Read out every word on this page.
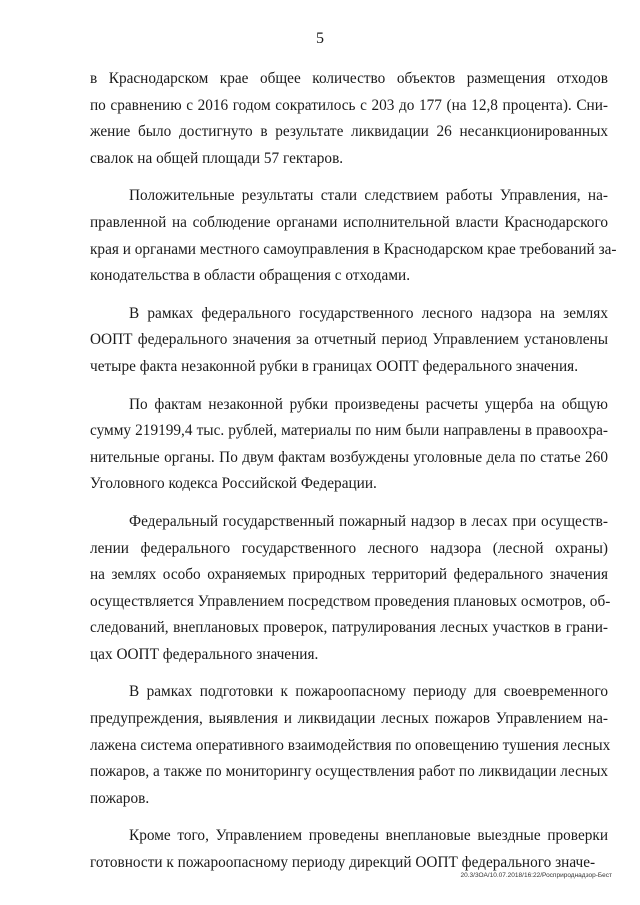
5
в Краснодарском крае общее количество объектов размещения отходов
по сравнению с 2016 годом сократилось с 203 до 177 (на 12,8 процента). Сни-
жение было достигнуто в результате ликвидации 26 несанкционированных
свалок на общей площади 57 гектаров.
Положительные результаты стали следствием работы Управления, на-
правленной на соблюдение органами исполнительной власти Краснодарского
края и органами местного самоуправления в Краснодарском крае требований за-
конодательства в области обращения с отходами.
В рамках федерального государственного лесного надзора на землях
ООПТ федерального значения за отчетный период Управлением установлены
четыре факта незаконной рубки в границах ООПТ федерального значения.
По фактам незаконной рубки произведены расчеты ущерба на общую
сумму 219199,4 тыс. рублей, материалы по ним были направлены в правоохра-
нительные органы. По двум фактам возбуждены уголовные дела по статье 260
Уголовного кодекса Российской Федерации.
Федеральный государственный пожарный надзор в лесах при осуществ-
лении федерального государственного лесного надзора (лесной охраны)
на землях особо охраняемых природных территорий федерального значения
осуществляется Управлением посредством проведения плановых осмотров, об-
следований, внеплановых проверок, патрулирования лесных участков в грани-
цах ООПТ федерального значения.
В рамках подготовки к пожароопасному периоду для своевременного
предупреждения, выявления и ликвидации лесных пожаров Управлением на-
лажена система оперативного взаимодействия по оповещению тушения лесных
пожаров, а также по мониторингу осуществления работ по ликвидации лесных
пожаров.
Кроме того, Управлением проведены внеплановые выездные проверки
готовности к пожароопасному периоду дирекций ООПТ федерального значе-
20.3/3ОА/10.07.2018/16:22/Росприроднадзор-Бест
